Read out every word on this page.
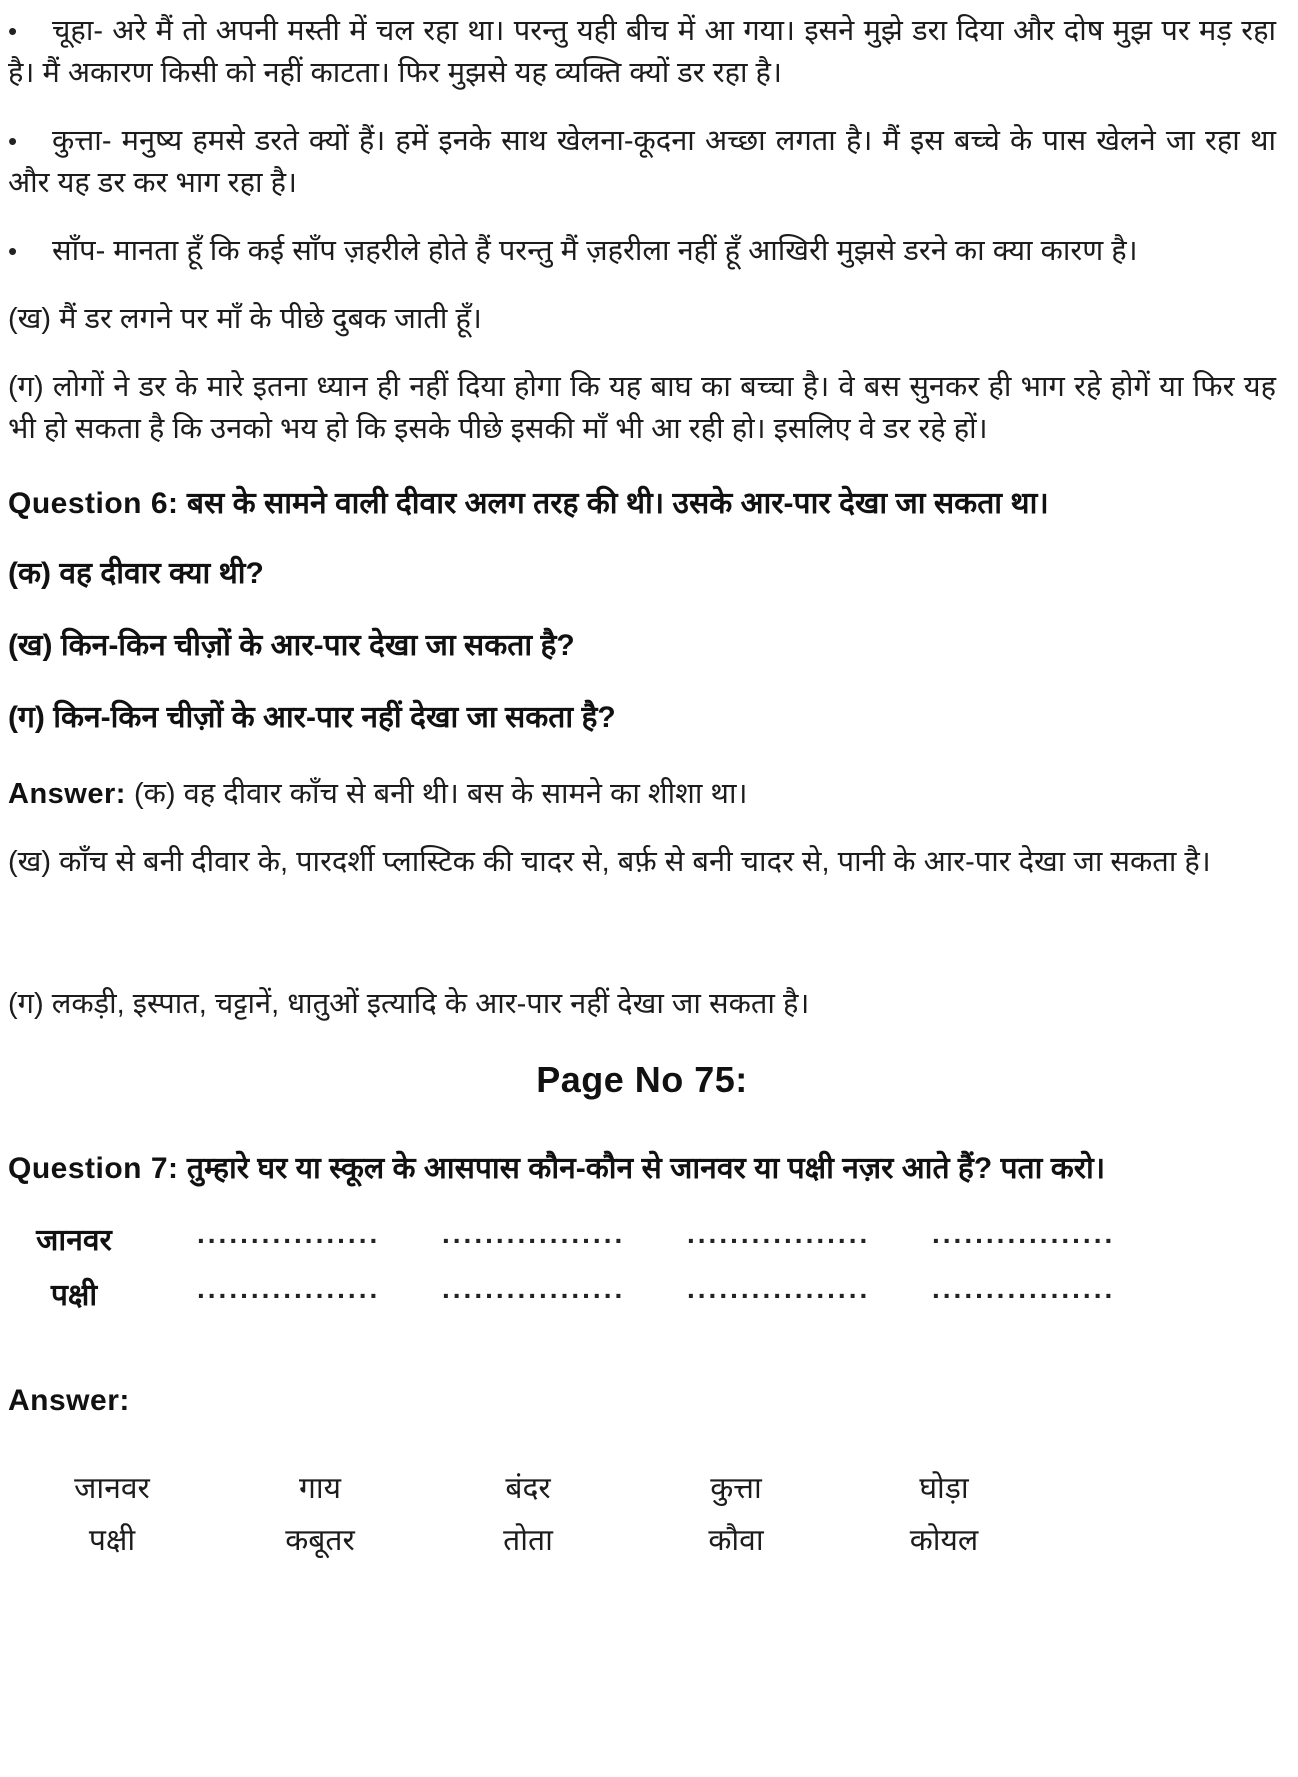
• चूहा- अरे मैं तो अपनी मस्ती में चल रहा था। परन्तु यही बीच में आ गया। इसने मुझे डरा दिया और दोष मुझ पर मड़ रहा है। मैं अकारण किसी को नहीं काटता। फिर मुझसे यह व्यक्ति क्यों डर रहा है।
• कुत्ता- मनुष्य हमसे डरते क्यों हैं। हमें इनके साथ खेलना-कूदना अच्छा लगता है। मैं इस बच्चे के पास खेलने जा रहा था और यह डर कर भाग रहा है।
• साँप- मानता हूँ कि कई साँप ज़हरीले होते हैं परन्तु मैं ज़हरीला नहीं हूँ आखिरी मुझसे डरने का क्या कारण है।

(ख) मैं डर लगने पर माँ के पीछे दुबक जाती हूँ।

(ग) लोगों ने डर के मारे इतना ध्यान ही नहीं दिया होगा कि यह बाघ का बच्चा है। वे बस सुनकर ही भाग रहे होगें या फिर यह भी हो सकता है कि उनको भय हो कि इसके पीछे इसकी माँ भी आ रही हो। इसलिए वे डर रहे हों।

Question 6: बस के सामने वाली दीवार अलग तरह की थी। उसके आर-पार देखा जा सकता था।
(क) वह दीवार क्या थी?
(ख) किन-किन चीज़ों के आर-पार देखा जा सकता है?
(ग) किन-किन चीज़ों के आर-पार नहीं देखा जा सकता है?

Answer: (क) वह दीवार काँच से बनी थी। बस के सामने का शीशा था।

(ख) काँच से बनी दीवार के, पारदर्शी प्लास्टिक की चादर से, बर्फ़ से बनी चादर से, पानी के आर-पार देखा जा सकता है।

(ग) लकड़ी, इस्पात, चट्टानें, धातुओं इत्यादि के आर-पार नहीं देखा जा सकता है।

Page No 75:
Question 7: तुम्हारे घर या स्कूल के आसपास कौन-कौन से जानवर या पक्षी नज़र आते हैं? पता करो।
जानवर	................. ................. ................. .................
पक्षी	................. ................. ................. .................

Answer:

जानवर	गाय	बंदर	कुत्ता	घोड़ा
पक्षी	कबूतर	तोता	कौवा	कोयल
